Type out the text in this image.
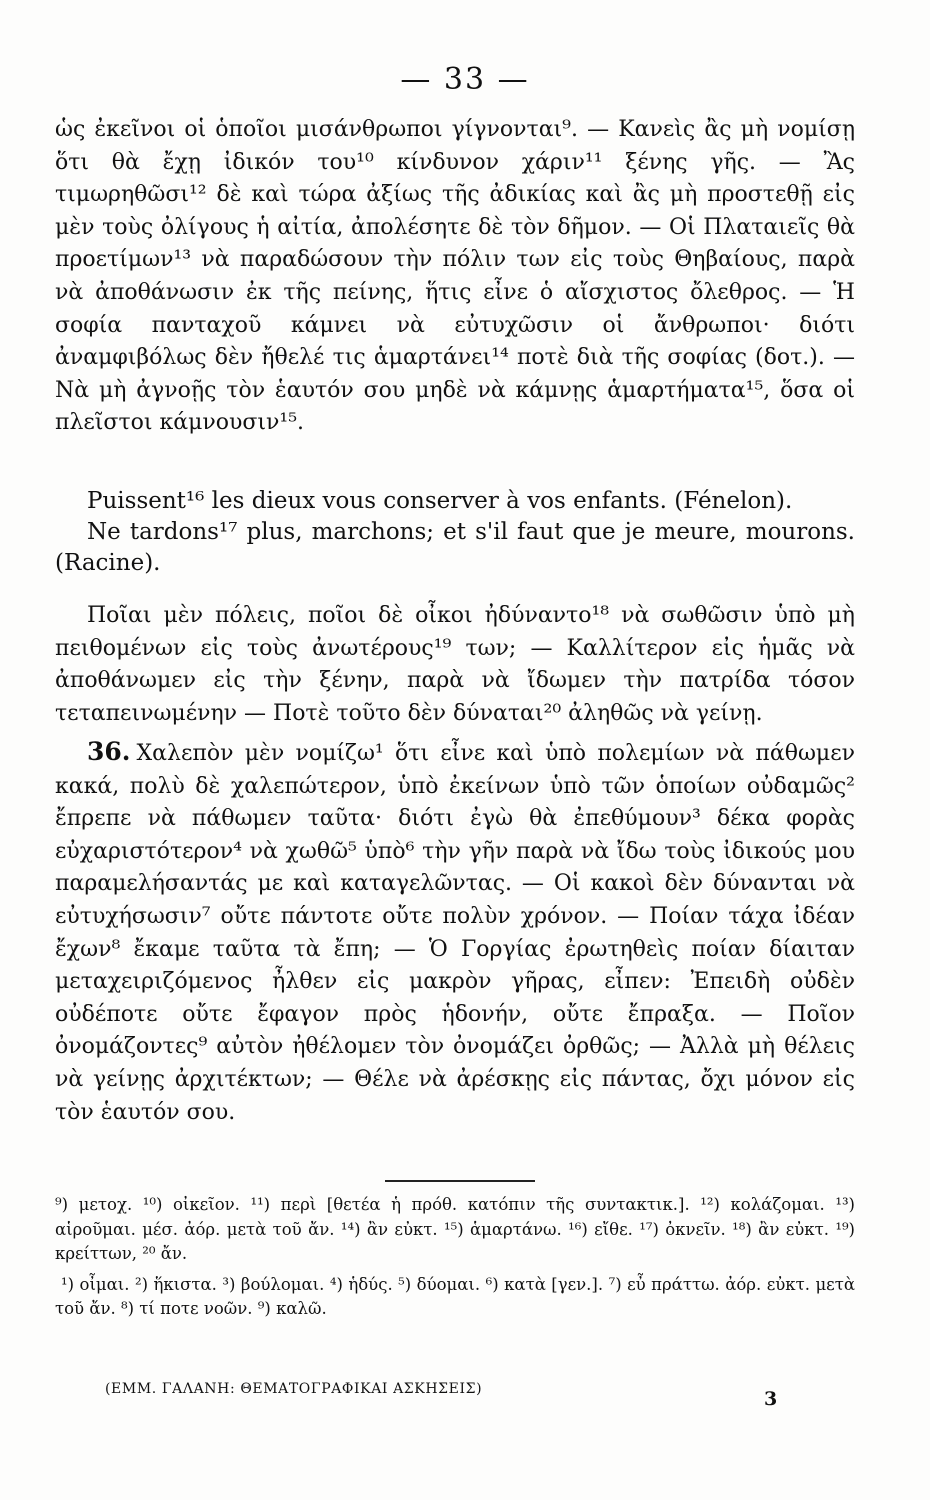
— 33 —

ὡς ἐκεῖνοι οἱ ὁποῖοι μισάνθρωποι γίγνονται⁹. — Κανεὶς ἂς μὴ νομίσῃ ὅτι θὰ ἔχῃ ἰδικόν του¹⁰ κίνδυνον χάριν¹¹ ξένης γῆς. — Ἂς τιμωρηθῶσι¹² δὲ καὶ τώρα ἀξίως τῆς ἀδικίας καὶ ἂς μὴ προστεθῇ εἰς μὲν τοὺς ὀλίγους ἡ αἰτία, ἀπολέσητε δὲ τὸν δῆμον. — Οἱ Πλαταιεῖς θὰ προετίμων¹³ νὰ παραδώσουν τὴν πόλιν των εἰς τοὺς Θηβαίους, παρὰ νὰ ἀποθάνωσιν ἐκ τῆς πείνης, ἥτις εἶνε ὁ αἴσχιστος ὄλεθρος. — Ἡ σοφία πανταχοῦ κάμνει νὰ εὐτυχῶσιν οἱ ἄνθρωποι· διότι ἀναμφιβόλως δὲν ἤθελέ τις ἁμαρτάνει¹⁴ ποτὲ διὰ τῆς σοφίας (δοτ.). — Νὰ μὴ ἀγνοῇς τὸν ἑαυτόν σου μηδὲ νὰ κάμνῃς ἁμαρτήματα¹⁵, ὅσα οἱ πλεῖστοι κάμνουσιν¹⁵.

Puissent¹⁶ les dieux vous conserver à vos enfants. (Fénelon).

Ne tardons¹⁷ plus, marchons; et s'il faut que je meure, mourons. (Racine).

Ποῖαι μὲν πόλεις, ποῖοι δὲ οἶκοι ἠδύναντο¹⁸ νὰ σωθῶσιν ὑπὸ μὴ πειθομένων εἰς τοὺς ἀνωτέρους¹⁹ των; — Καλλίτερον εἰς ἡμᾶς νὰ ἀποθάνωμεν εἰς τὴν ξένην, παρὰ νὰ ἴδωμεν τὴν πατρίδα τόσον τεταπεινωμένην — Ποτὲ τοῦτο δὲν δύναται²⁰ ἀληθῶς νὰ γείνῃ.

36. Χαλεπὸν μὲν νομίζω¹ ὅτι εἶνε καὶ ὑπὸ πολεμίων νὰ πάθωμεν κακά, πολὺ δὲ χαλεπώτερον, ὑπὸ ἐκείνων ὑπὸ τῶν ὁποίων οὐδαμῶς² ἔπρεπε νὰ πάθωμεν ταῦτα· διότι ἐγὼ θὰ ἐπεθύμουν³ δέκα φορὰς εὐχαριστότερον⁴ νὰ χωθῶ⁵ ὑπὸ⁶ τὴν γῆν παρὰ νὰ ἴδω τοὺς ἰδικούς μου παραμελήσαντάς με καὶ καταγελῶντας. — Οἱ κακοὶ δὲν δύνανται νὰ εὐτυχήσωσιν⁷ οὔτε πάντοτε οὔτε πολὺν χρόνον. — Ποίαν τάχα ἰδέαν ἔχων⁸ ἔκαμε ταῦτα τὰ ἔπη; — Ὁ Γοργίας ἐρωτηθεὶς ποίαν δίαιταν μεταχειριζόμενος ἦλθεν εἰς μακρὸν γῆρας, εἶπεν: Ἐπειδὴ οὐδὲν οὐδέποτε οὔτε ἔφαγον πρὸς ἡδονήν, οὔτε ἔπραξα. — Ποῖον ὀνομάζοντες⁹ αὐτὸν ἠθέλομεν τὸν ὀνομάζει ὀρθῶς; — Ἀλλὰ μὴ θέλεις νὰ γείνῃς ἀρχιτέκτων; — Θέλε νὰ ἀρέσκῃς εἰς πάντας, ὄχι μόνον εἰς τὸν ἑαυτόν σου.

⁹) μετοχ. ¹⁰) οἰκεῖον. ¹¹) περὶ [θετέα ἡ πρόθ. κατόπιν τῆς συντακτικ.]. ¹²) κολάζομαι. ¹³) αἱροῦμαι. μέσ. ἀόρ. μετὰ τοῦ ἄν. ¹⁴) ἂν εὐκτ. ¹⁵) ἁμαρτάνω. ¹⁶) εἴθε. ¹⁷) ὀκνεῖν. ¹⁸) ἂν εὐκτ. ¹⁹) κρείττων, ²⁰ ἄν.

¹) οἶμαι. ²) ἥκιστα. ³) βούλομαι. ⁴) ἡδύς. ⁵) δύομαι. ⁶) κατὰ [γεν.]. ⁷) εὖ πράττω. ἀόρ. εὐκτ. μετὰ τοῦ ἄν. ⁸) τί ποτε νοῶν. ⁹) καλῶ.

(ΕΜΜ. ΓΑΛΑΝΗ: ΘΕΜΑΤΟΓΡΑΦΙΚΑΙ ΑΣΚΗΣΕΙΣ)	3
